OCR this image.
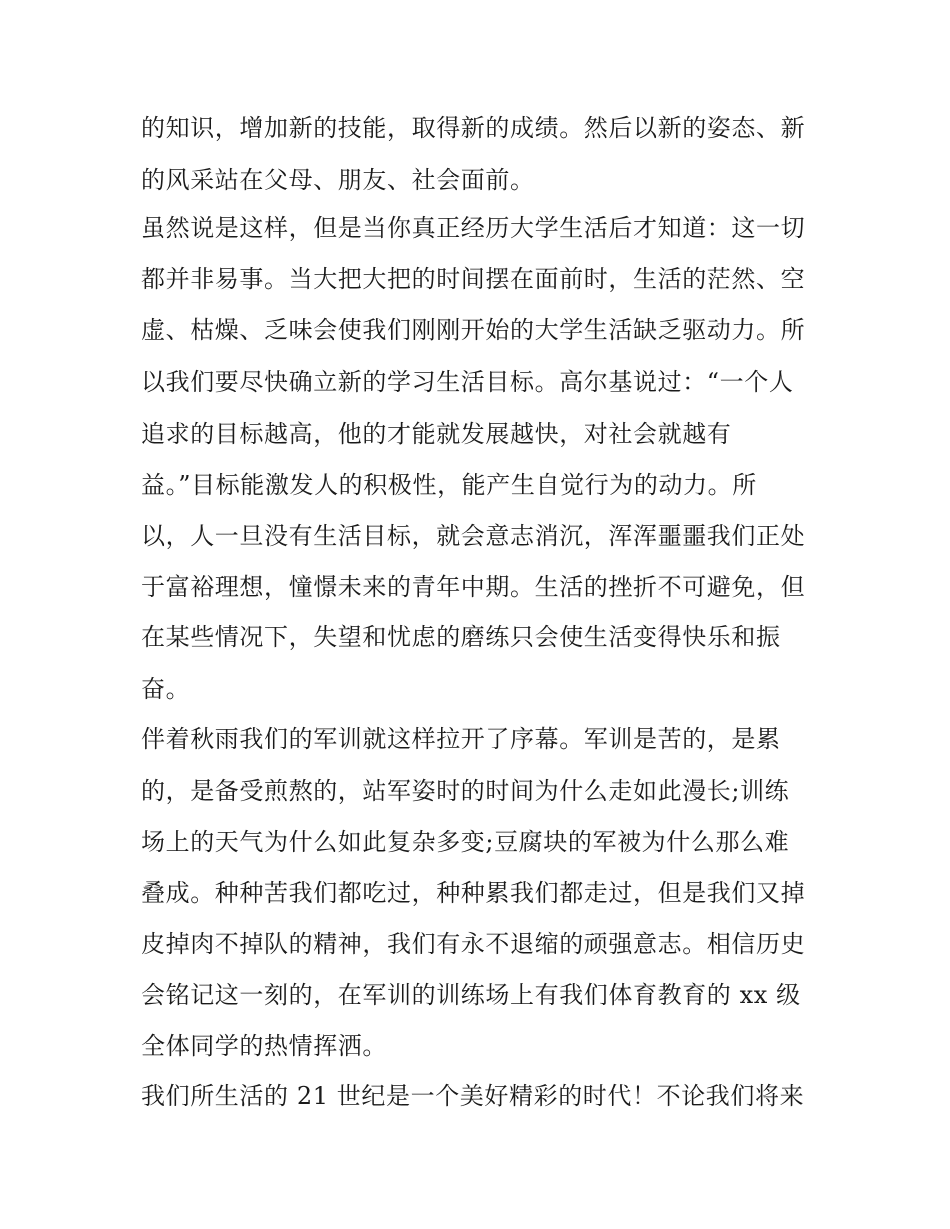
的知识，增加新的技能，取得新的成绩。然后以新的姿态、新
的风采站在父母、朋友、社会面前。
虽然说是这样，但是当你真正经历大学生活后才知道：这一切
都并非易事。当大把大把的时间摆在面前时，生活的茫然、空
虚、枯燥、乏味会使我们刚刚开始的大学生活缺乏驱动力。所
以我们要尽快确立新的学习生活目标。高尔基说过：“一个人
追求的目标越高，他的才能就发展越快，对社会就越有
益。”目标能激发人的积极性，能产生自觉行为的动力。所
以，人一旦没有生活目标，就会意志消沉，浑浑噩噩我们正处
于富裕理想，憧憬未来的青年中期。生活的挫折不可避免，但
在某些情况下，失望和忧虑的磨练只会使生活变得快乐和振
奋。
伴着秋雨我们的军训就这样拉开了序幕。军训是苦的，是累
的，是备受煎熬的，站军姿时的时间为什么走如此漫长;训练
场上的天气为什么如此复杂多变;豆腐块的军被为什么那么难
叠成。种种苦我们都吃过，种种累我们都走过，但是我们又掉
皮掉肉不掉队的精神，我们有永不退缩的顽强意志。相信历史
会铭记这一刻的，在军训的训练场上有我们体育教育的 xx 级
全体同学的热情挥洒。
我们所生活的 21 世纪是一个美好精彩的时代！不论我们将来
